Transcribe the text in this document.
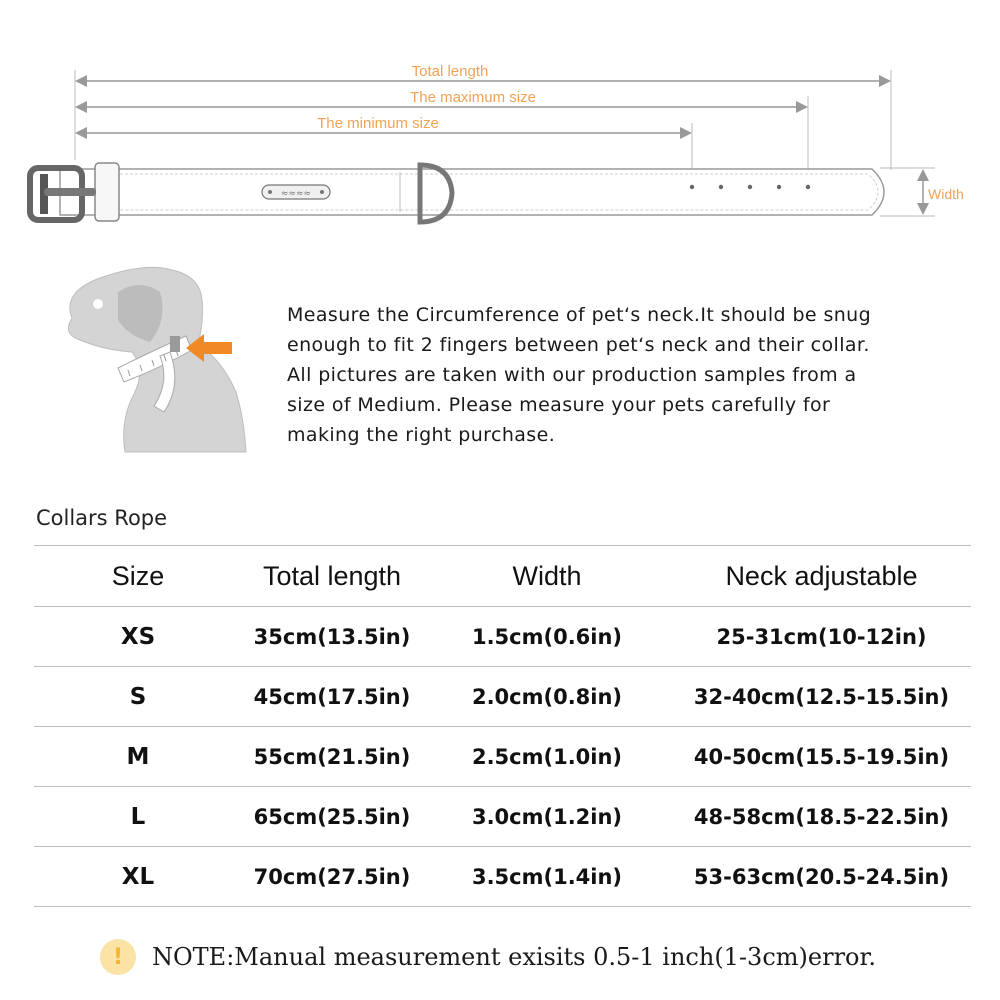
Total length
The maximum size
The minimum size
≈≈≈≈	Width
Measure the Circumference of pet‘s neck.It should be snug
enough to fit 2 fingers between pet‘s neck and their collar.
All pictures are taken with our production samples from a
size of Medium. Please measure your pets carefully for
making the right purchase.
Collars Rope
Size	Total length	Width	Neck adjustable
XS	35cm(13.5in)	1.5cm(0.6in)	25-31cm(10-12in)
S	45cm(17.5in)	2.0cm(0.8in)	32-40cm(12.5-15.5in)
M	55cm(21.5in)	2.5cm(1.0in)	40-50cm(15.5-19.5in)
L	65cm(25.5in)	3.0cm(1.2in)	48-58cm(18.5-22.5in)
XL	70cm(27.5in)	3.5cm(1.4in)	53-63cm(20.5-24.5in)
!	NOTE:Manual measurement exisits 0.5-1 inch(1-3cm)error.
